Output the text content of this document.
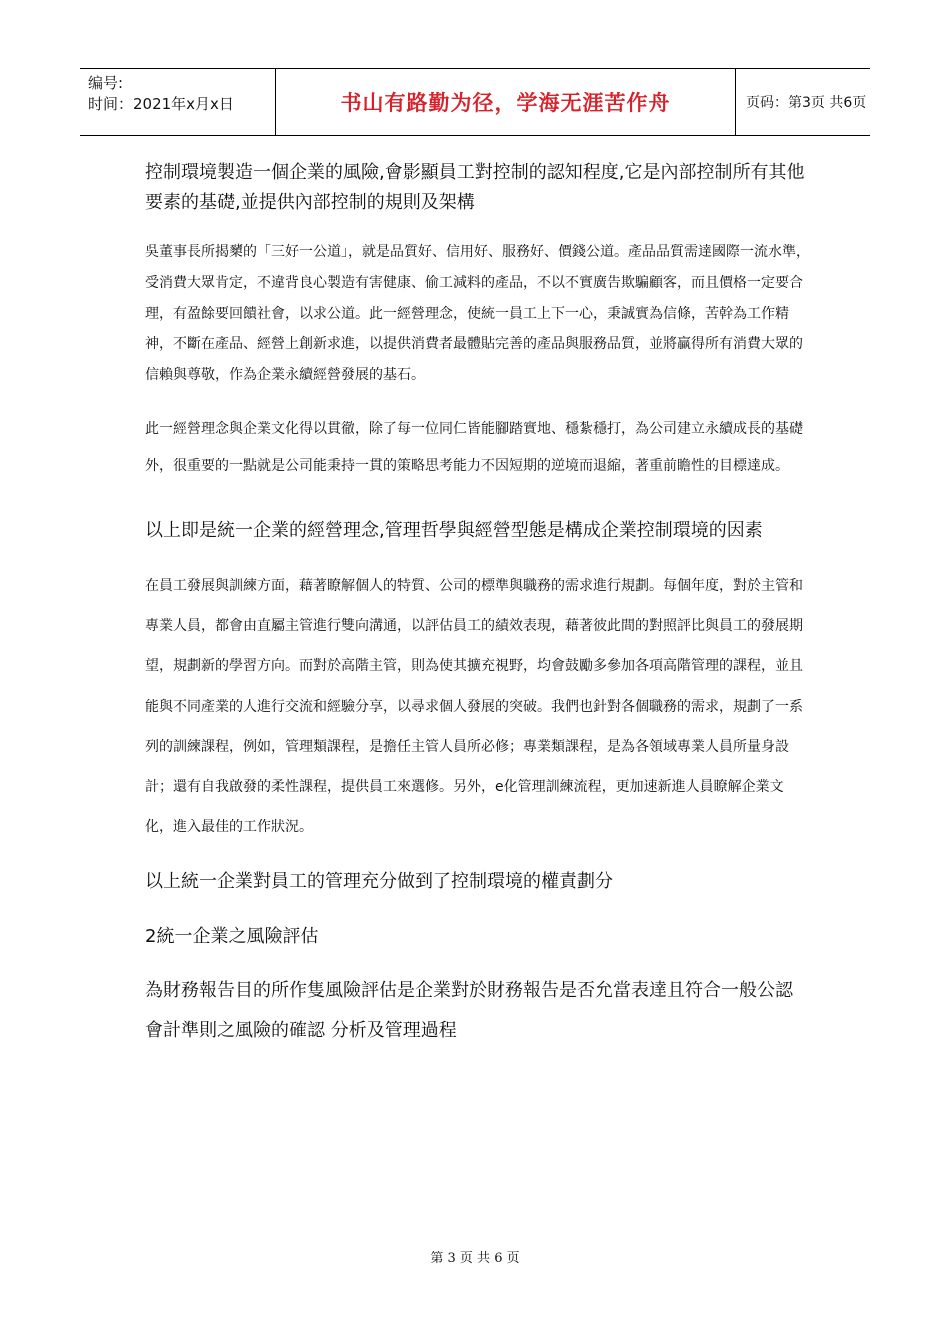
编号:
时间：2021年x月x日	书山有路勤为径，学海无涯苦作舟	页码：第3页 共6页

控制環境製造一個企業的風險,會影顯員工對控制的認知程度,它是內部控制所有其他要素的基礎,並提供內部控制的規則及架構

吳董事長所揭櫫的「三好一公道」，就是品質好、信用好、服務好、價錢公道。產品品質需達國際一流水準，受消費大眾肯定，不違背良心製造有害健康、偷工減料的產品，不以不實廣告欺騙顧客，而且價格一定要合理，有盈餘要回饋社會，以求公道。此一經營理念，使統一員工上下一心，秉誠實為信條，苦幹為工作精神，不斷在產品、經營上創新求進，以提供消費者最體貼完善的產品與服務品質，並將贏得所有消費大眾的信賴與尊敬，作為企業永續經營發展的基石。

此一經營理念與企業文化得以貫徹，除了每一位同仁皆能腳踏實地、穩紮穩打，為公司建立永續成長的基礎外，很重要的一點就是公司能秉持一貫的策略思考能力不因短期的逆境而退縮，著重前瞻性的目標達成。

以上即是統一企業的經營理念,管理哲學與經營型態是構成企業控制環境的因素

在員工發展與訓練方面，藉著瞭解個人的特質、公司的標準與職務的需求進行規劃。每個年度，對於主管和專業人員，都會由直屬主管進行雙向溝通，以評估員工的績效表現，藉著彼此間的對照評比與員工的發展期望，規劃新的學習方向。而對於高階主管，則為使其擴充視野，均會鼓勵多參加各項高階管理的課程，並且能與不同產業的人進行交流和經驗分享，以尋求個人發展的突破。我們也針對各個職務的需求，規劃了一系列的訓練課程，例如，管理類課程，是擔任主管人員所必修；專業類課程，是為各領域專業人員所量身設計；還有自我啟發的柔性課程，提供員工來選修。另外，e化管理訓練流程，更加速新進人員瞭解企業文化，進入最佳的工作狀況。

以上統一企業對員工的管理充分做到了控制環境的權責劃分

2統一企業之風險評估

為財務報告目的所作隻風險評估是企業對於財務報告是否允當表達且符合一般公認會計準則之風險的確認 分析及管理過程

第 3 页 共 6 页
